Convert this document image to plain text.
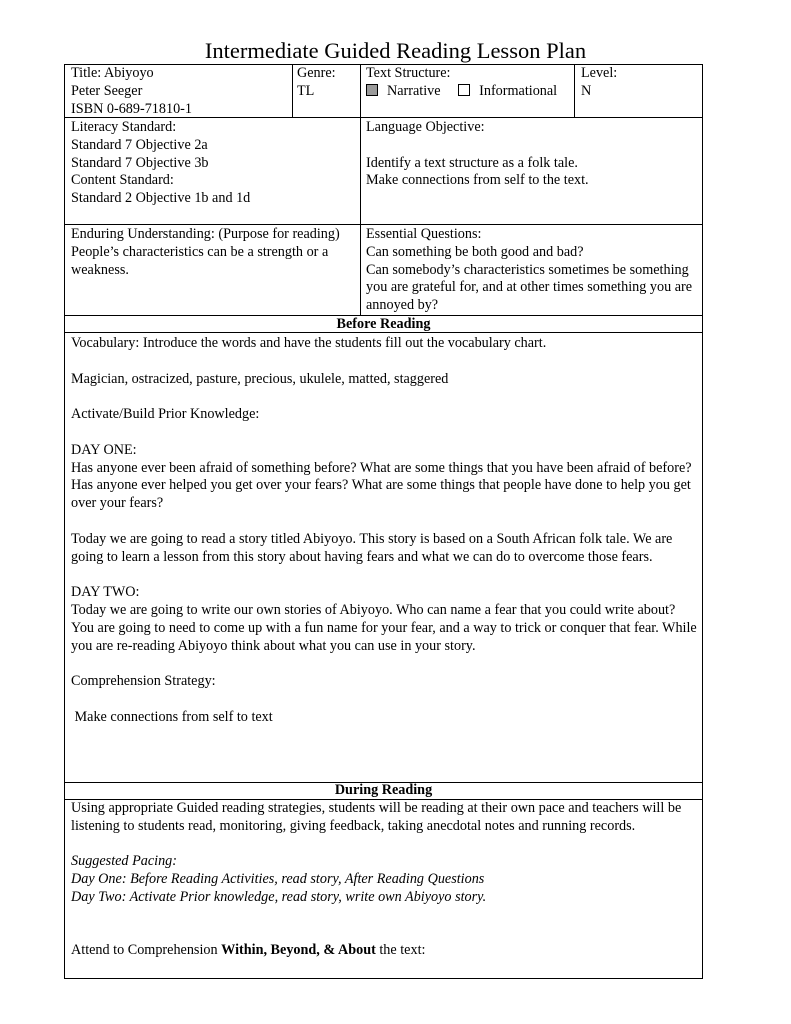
Intermediate Guided Reading Lesson Plan
Title: Abiyoyo
Peter Seeger
ISBN 0-689-71810-1
Genre:
TL
Text Structure:
Narrative	Informational
Level:
N
Literacy Standard:
Standard 7 Objective 2a
Standard 7 Objective 3b
Content Standard:
Standard 2 Objective 1b and 1d
Language Objective:
Identify a text structure as a folk tale.
Make connections from self to the text.
Enduring Understanding: (Purpose for reading)
People’s characteristics can be a strength or a weakness.
Essential Questions:
Can something be both good and bad?
Can somebody’s characteristics sometimes be something you are grateful for, and at other times something you are annoyed by?
Before Reading
Vocabulary: Introduce the words and have the students fill out the vocabulary chart.
Magician, ostracized, pasture, precious, ukulele, matted, staggered
Activate/Build Prior Knowledge:
DAY ONE:
Has anyone ever been afraid of something before? What are some things that you have been afraid of before? Has anyone ever helped you get over your fears? What are some things that people have done to help you get over your fears?
Today we are going to read a story titled Abiyoyo. This story is based on a South African folk tale. We are going to learn a lesson from this story about having fears and what we can do to overcome those fears.
DAY TWO:
Today we are going to write our own stories of Abiyoyo. Who can name a fear that you could write about? You are going to need to come up with a fun name for your fear, and a way to trick or conquer that fear. While you are re-reading Abiyoyo think about what you can use in your story.
Comprehension Strategy:
Make connections from self to text
During Reading
Using appropriate Guided reading strategies, students will be reading at their own pace and teachers will be listening to students read, monitoring, giving feedback, taking anecdotal notes and running records.
Suggested Pacing:
Day One: Before Reading Activities, read story, After Reading Questions
Day Two: Activate Prior knowledge, read story, write own Abiyoyo story.
Attend to Comprehension Within, Beyond, & About the text:
